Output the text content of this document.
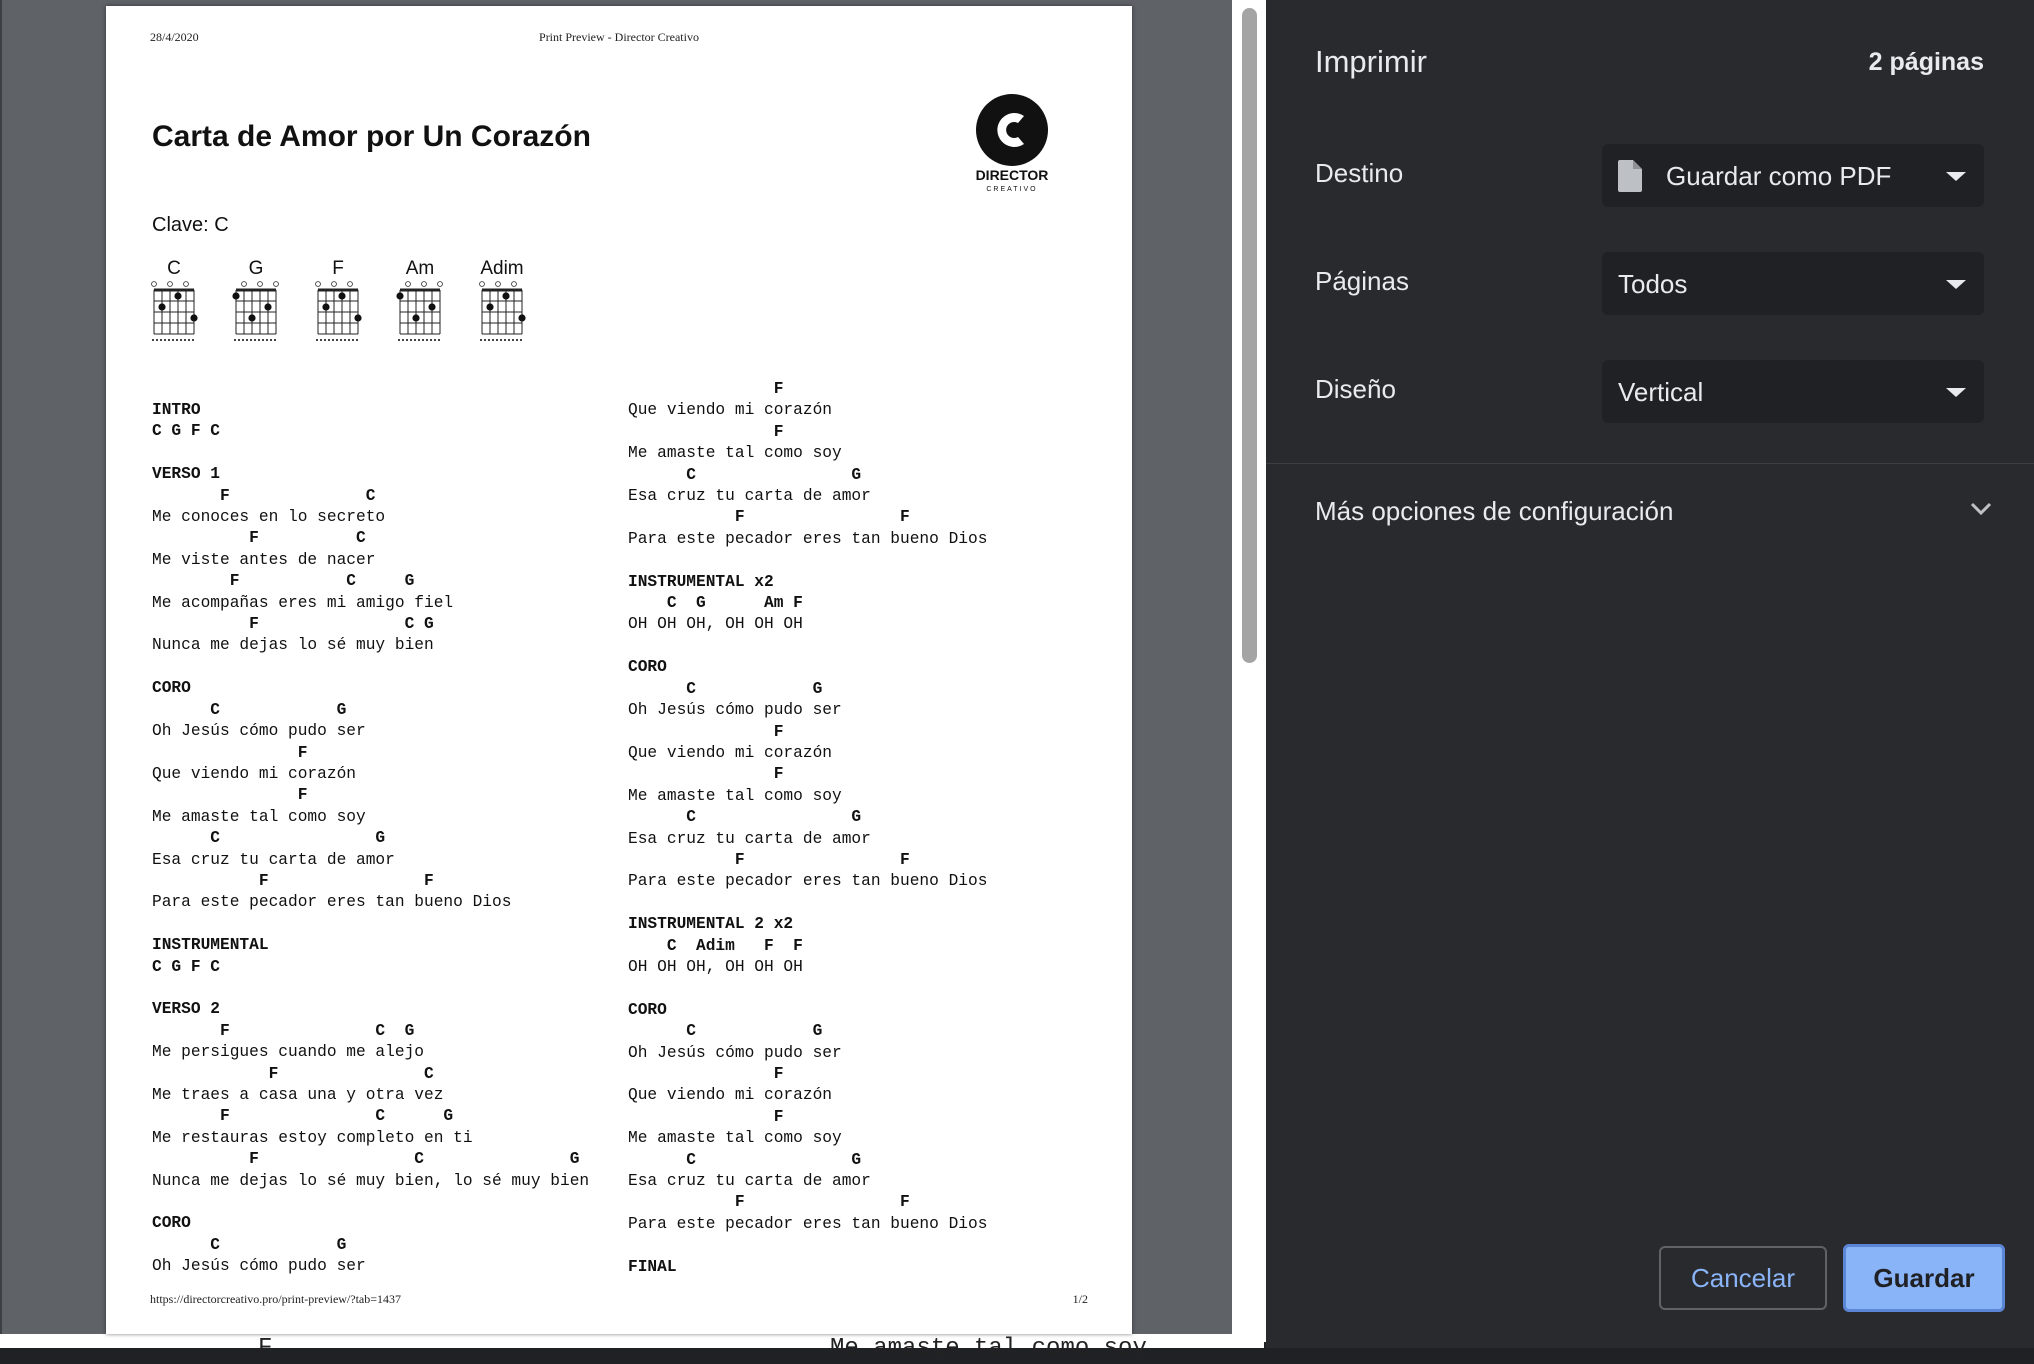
F	Me amaste tal como soy
28/4/2020	Print Preview - Director Creativo
Carta de Amor por Un Corazón
DIRECTOR
CREATIVO
Clave: C
C	G	F	Am	Adim
INTRO
C G F C

VERSO 1
F              C
Me conoces en lo secreto
F          C
Me viste antes de nacer
F           C     G
Me acompañas eres mi amigo fiel
F               C G
Nunca me dejas lo sé muy bien

CORO
C            G
Oh Jesús cómo pudo ser
F
Que viendo mi corazón
F
Me amaste tal como soy
C                G
Esa cruz tu carta de amor
F                F
Para este pecador eres tan bueno Dios

INSTRUMENTAL
C G F C

VERSO 2
F               C  G
Me persigues cuando me alejo
F               C
Me traes a casa una y otra vez
F               C      G
Me restauras estoy completo en ti
F                C               G
Nunca me dejas lo sé muy bien, lo sé muy bien

CORO
C            G
Oh Jesús cómo pudo ser
F
Que viendo mi corazón
F
Me amaste tal como soy
C                G
Esa cruz tu carta de amor
F                F
Para este pecador eres tan bueno Dios

INSTRUMENTAL x2
C  G      Am F
OH OH OH, OH OH OH

CORO
C            G
Oh Jesús cómo pudo ser
F
Que viendo mi corazón
F
Me amaste tal como soy
C                G
Esa cruz tu carta de amor
F                F
Para este pecador eres tan bueno Dios

INSTRUMENTAL 2 x2
C  Adim   F  F
OH OH OH, OH OH OH

CORO
C            G
Oh Jesús cómo pudo ser
F
Que viendo mi corazón
F
Me amaste tal como soy
C                G
Esa cruz tu carta de amor
F                F
Para este pecador eres tan bueno Dios

FINAL
https://directorcreativo.pro/print-preview/?tab=1437	1/2
Imprimir	2 páginas
Destino	Guardar como PDF
Páginas	Todos
Diseño	Vertical
Más opciones de configuración
Cancelar	Guardar
